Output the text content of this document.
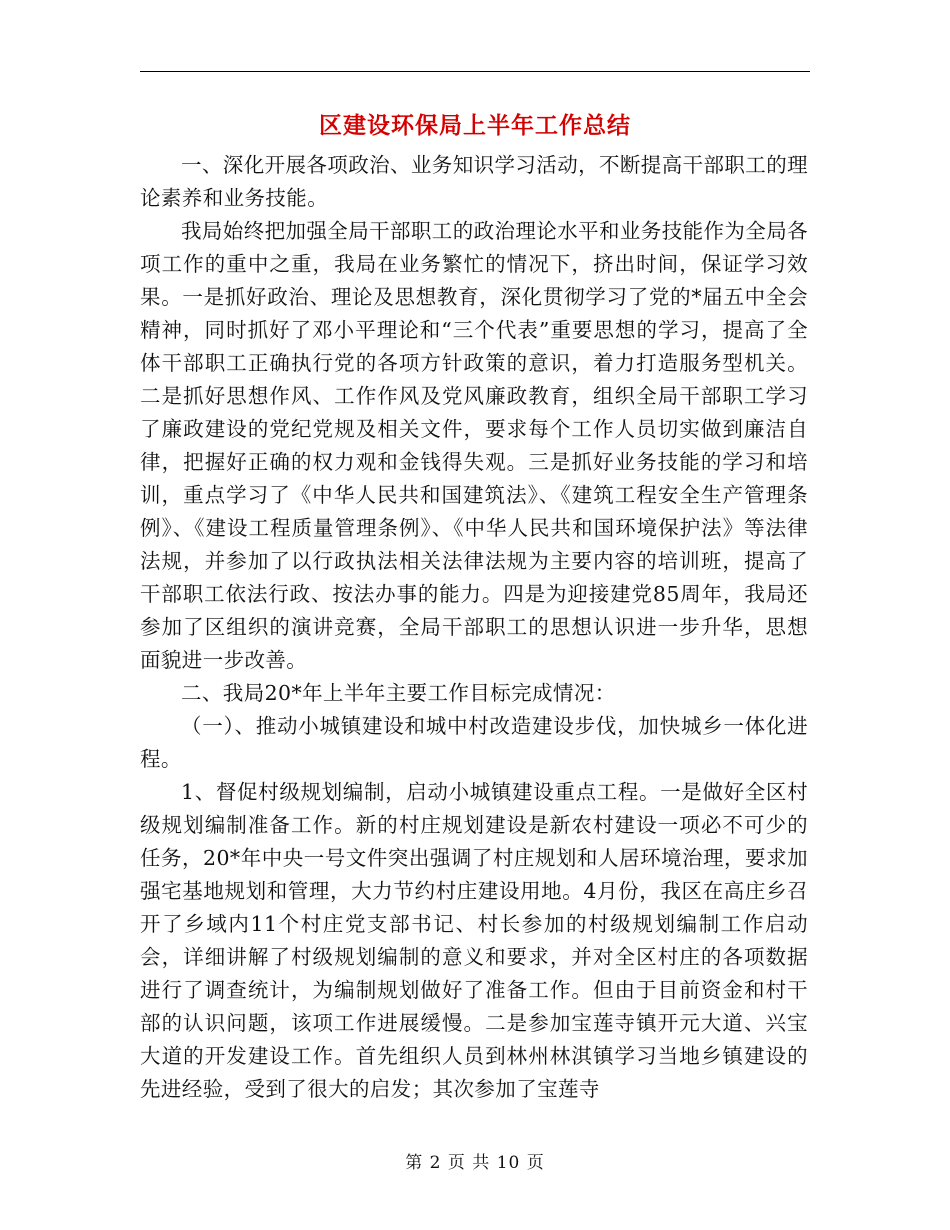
区建设环保局上半年工作总结

一、深化开展各项政治、业务知识学习活动，不断提高干部职工的理论素养和业务技能。

我局始终把加强全局干部职工的政治理论水平和业务技能作为全局各项工作的重中之重，我局在业务繁忙的情况下，挤出时间，保证学习效果。一是抓好政治、理论及思想教育，深化贯彻学习了党的*届五中全会精神，同时抓好了邓小平理论和“三个代表”重要思想的学习，提高了全体干部职工正确执行党的各项方针政策的意识，着力打造服务型机关。二是抓好思想作风、工作作风及党风廉政教育，组织全局干部职工学习了廉政建设的党纪党规及相关文件，要求每个工作人员切实做到廉洁自律，把握好正确的权力观和金钱得失观。三是抓好业务技能的学习和培训，重点学习了《中华人民共和国建筑法》、《建筑工程安全生产管理条例》、《建设工程质量管理条例》、《中华人民共和国环境保护法》等法律法规，并参加了以行政执法相关法律法规为主要内容的培训班，提高了干部职工依法行政、按法办事的能力。四是为迎接建党85周年，我局还参加了区组织的演讲竞赛，全局干部职工的思想认识进一步升华，思想面貌进一步改善。

二、我局20*年上半年主要工作目标完成情况：

（一）、推动小城镇建设和城中村改造建设步伐，加快城乡一体化进程。

1、督促村级规划编制，启动小城镇建设重点工程。一是做好全区村级规划编制准备工作。新的村庄规划建设是新农村建设一项必不可少的任务，20*年中央一号文件突出强调了村庄规划和人居环境治理，要求加强宅基地规划和管理，大力节约村庄建设用地。4月份，我区在高庄乡召开了乡域内11个村庄党支部书记、村长参加的村级规划编制工作启动会，详细讲解了村级规划编制的意义和要求，并对全区村庄的各项数据进行了调查统计，为编制规划做好了准备工作。但由于目前资金和村干部的认识问题，该项工作进展缓慢。二是参加宝莲寺镇开元大道、兴宝大道的开发建设工作。首先组织人员到林州林淇镇学习当地乡镇建设的先进经验，受到了很大的启发；其次参加了宝莲寺

第 2 页 共 10 页
